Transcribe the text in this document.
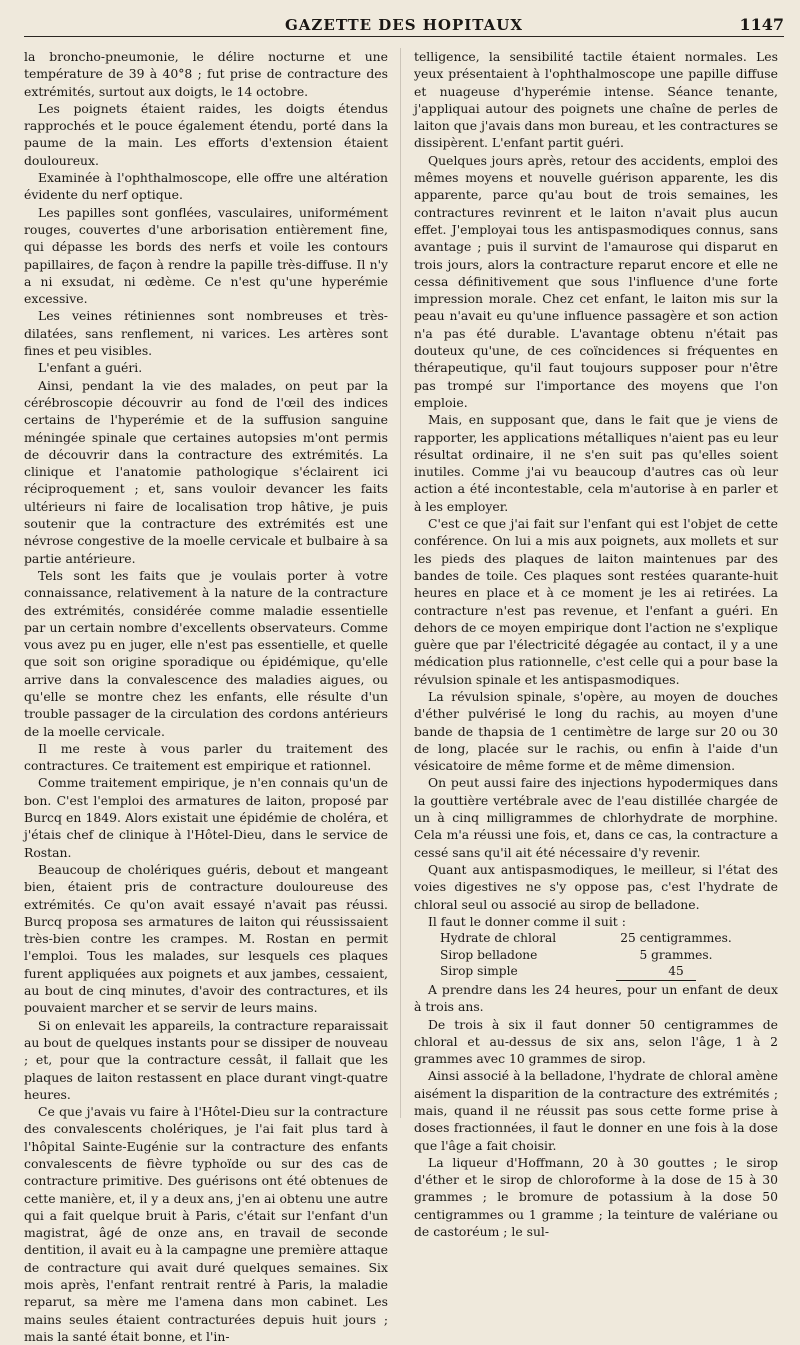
GAZETTE DES HOPITAUX	1147

la broncho-pneumonie, le délire nocturne et une température de 39 à 40°8 ; fut prise de contracture des extrémités, surtout aux doigts, le 14 octobre.

Les poignets étaient raides, les doigts étendus rapprochés et le pouce également étendu, porté dans la paume de la main. Les efforts d'extension étaient douloureux.

Examinée à l'ophthalmoscope, elle offre une altération évidente du nerf optique.

Les papilles sont gonflées, vasculaires, uniformément rouges, couvertes d'une arborisation entièrement fine, qui dépasse les bords des nerfs et voile les contours papillaires, de façon à rendre la papille très-diffuse. Il n'y a ni exsudat, ni œdème. Ce n'est qu'une hyperémie excessive.

Les veines rétiniennes sont nombreuses et très-dilatées, sans renflement, ni varices. Les artères sont fines et peu visibles.

L'enfant a guéri.

Ainsi, pendant la vie des malades, on peut par la cérébroscopie découvrir au fond de l'œil des indices certains de l'hyperémie et de la suffusion sanguine méningée spinale que certaines autopsies m'ont permis de découvrir dans la contracture des extrémités. La clinique et l'anatomie pathologique s'éclairent ici réciproquement ; et, sans vouloir devancer les faits ultérieurs ni faire de localisation trop hâtive, je puis soutenir que la contracture des extrémités est une névrose congestive de la moelle cervicale et bulbaire à sa partie antérieure.

Tels sont les faits que je voulais porter à votre connaissance, relativement à la nature de la contracture des extrémités, considérée comme maladie essentielle par un certain nombre d'excellents observateurs. Comme vous avez pu en juger, elle n'est pas essentielle, et quelle que soit son origine sporadique ou épidémique, qu'elle arrive dans la convalescence des maladies aigues, ou qu'elle se montre chez les enfants, elle résulte d'un trouble passager de la circulation des cordons antérieurs de la moelle cervicale.

Il me reste à vous parler du traitement des contractures. Ce traitement est empirique et rationnel.

Comme traitement empirique, je n'en connais qu'un de bon. C'est l'emploi des armatures de laiton, proposé par Burcq en 1849. Alors existait une épidémie de choléra, et j'étais chef de clinique à l'Hôtel-Dieu, dans le service de Rostan.

Beaucoup de cholériques guéris, debout et mangeant bien, étaient pris de contracture douloureuse des extrémités. Ce qu'on avait essayé n'avait pas réussi. Burcq proposa ses armatures de laiton qui réussissaient très-bien contre les crampes. M. Rostan en permit l'emploi. Tous les malades, sur lesquels ces plaques furent appliquées aux poignets et aux jambes, cessaient, au bout de cinq minutes, d'avoir des contractures, et ils pouvaient marcher et se servir de leurs mains.

Si on enlevait les appareils, la contracture reparaissait au bout de quelques instants pour se dissiper de nouveau ; et, pour que la contracture cessât, il fallait que les plaques de laiton restassent en place durant vingt-quatre heures.

Ce que j'avais vu faire à l'Hôtel-Dieu sur la contracture des convalescents cholériques, je l'ai fait plus tard à l'hôpital Sainte-Eugénie sur la contracture des enfants convalescents de fièvre typhoïde ou sur des cas de contracture primitive. Des guérisons ont été obtenues de cette manière, et, il y a deux ans, j'en ai obtenu une autre qui a fait quelque bruit à Paris, c'était sur l'enfant d'un magistrat, âgé de onze ans, en travail de seconde dentition, il avait eu à la campagne une première attaque de contracture qui avait duré quelques semaines. Six mois après, l'enfant rentrait rentré à Paris, la maladie reparut, sa mère me l'amena dans mon cabinet. Les mains seules étaient contracturées depuis huit jours ; mais la santé était bonne, et l'in-

telligence, la sensibilité tactile étaient normales. Les yeux présentaient à l'ophthalmoscope une papille diffuse et nuageuse d'hyperémie intense. Séance tenante, j'appliquai autour des poignets une chaîne de perles de laiton que j'avais dans mon bureau, et les contractures se dissipèrent. L'enfant partit guéri.

Quelques jours après, retour des accidents, emploi des mêmes moyens et nouvelle guérison apparente, les dis apparente, parce qu'au bout de trois semaines, les contractures revinrent et le laiton n'avait plus aucun effet. J'employai tous les antispasmodiques connus, sans avantage ; puis il survint de l'amaurose qui disparut en trois jours, alors la contracture reparut encore et elle ne cessa définitivement que sous l'influence d'une forte impression morale. Chez cet enfant, le laiton mis sur la peau n'avait eu qu'une influence passagère et son action n'a pas été durable. L'avantage obtenu n'était pas douteux qu'une, de ces coïncidences si fréquentes en thérapeutique, qu'il faut toujours supposer pour n'être pas trompé sur l'importance des moyens que l'on emploie.

Mais, en supposant que, dans le fait que je viens de rapporter, les applications métalliques n'aient pas eu leur résultat ordinaire, il ne s'en suit pas qu'elles soient inutiles. Comme j'ai vu beaucoup d'autres cas où leur action a été incontestable, cela m'autorise à en parler et à les employer.

C'est ce que j'ai fait sur l'enfant qui est l'objet de cette conférence. On lui a mis aux poignets, aux mollets et sur les pieds des plaques de laiton maintenues par des bandes de toile. Ces plaques sont restées quarante-huit heures en place et à ce moment je les ai retirées. La contracture n'est pas revenue, et l'enfant a guéri. En dehors de ce moyen empirique dont l'action ne s'explique guère que par l'électricité dégagée au contact, il y a une médication plus rationnelle, c'est celle qui a pour base la révulsion spinale et les antispasmodiques.

La révulsion spinale, s'opère, au moyen de douches d'éther pulvérisé le long du rachis, au moyen d'une bande de thapsia de 1 centimètre de large sur 20 ou 30 de long, placée sur le rachis, ou enfin à l'aide d'un vésicatoire de même forme et de même dimension.

On peut aussi faire des injections hypodermiques dans la gouttière vertébrale avec de l'eau distillée chargée de un à cinq milligrammes de chlorhydrate de morphine. Cela m'a réussi une fois, et, dans ce cas, la contracture a cessé sans qu'il ait été nécessaire d'y revenir.

Quant aux antispasmodiques, le meilleur, si l'état des voies digestives ne s'y oppose pas, c'est l'hydrate de chloral seul ou associé au sirop de belladone.

Il faut le donner comme il suit :

Hydrate de chloral	25 centigrammes.
Sirop belladone	5 grammes.
Sirop simple	45

A prendre dans les 24 heures, pour un enfant de deux à trois ans.

De trois à six il faut donner 50 centigrammes de chloral et au-dessus de six ans, selon l'âge, 1 à 2 grammes avec 10 grammes de sirop.

Ainsi associé à la belladone, l'hydrate de chloral amène aisément la disparition de la contracture des extrémités ; mais, quand il ne réussit pas sous cette forme prise à doses fractionnées, il faut le donner en une fois à la dose que l'âge a fait choisir.

La liqueur d'Hoffmann, 20 à 30 gouttes ; le sirop d'éther et le sirop de chloroforme à la dose de 15 à 30 grammes ; le bromure de potassium à la dose 50 centigrammes ou 1 gramme ; la teinture de valériane ou de castoréum ; le sul-
